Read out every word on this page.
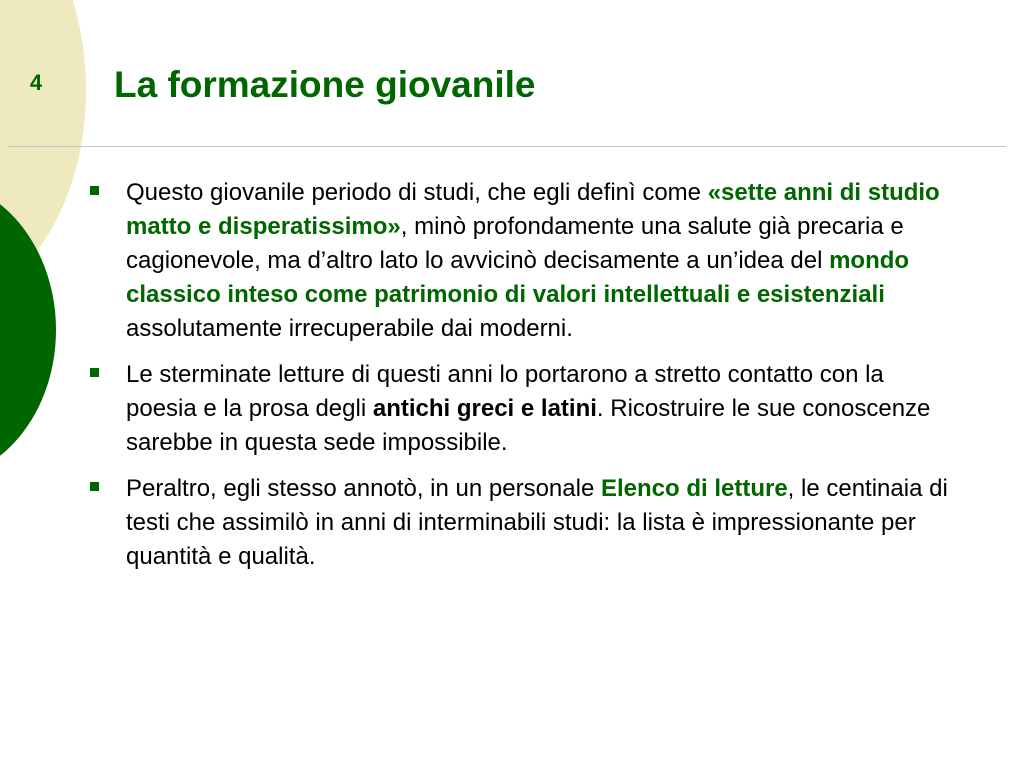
4 La formazione giovanile
Questo giovanile periodo di studi, che egli definì come «sette anni di studio matto e disperatissimo», minò profondamente una salute già precaria e cagionevole, ma d’altro lato lo avvicinò decisamente a un’idea del mondo classico inteso come patrimonio di valori intellettuali e esistenziali assolutamente irrecuperabile dai moderni.
Le sterminate letture di questi anni lo portarono a stretto contatto con la poesia e la prosa degli antichi greci e latini. Ricostruire le sue conoscenze sarebbe in questa sede impossibile.
Peraltro, egli stesso annotò, in un personale Elenco di letture, le centinaia di testi che assimilò in anni di interminabili studi: la lista è impressionante per quantità e qualità.
